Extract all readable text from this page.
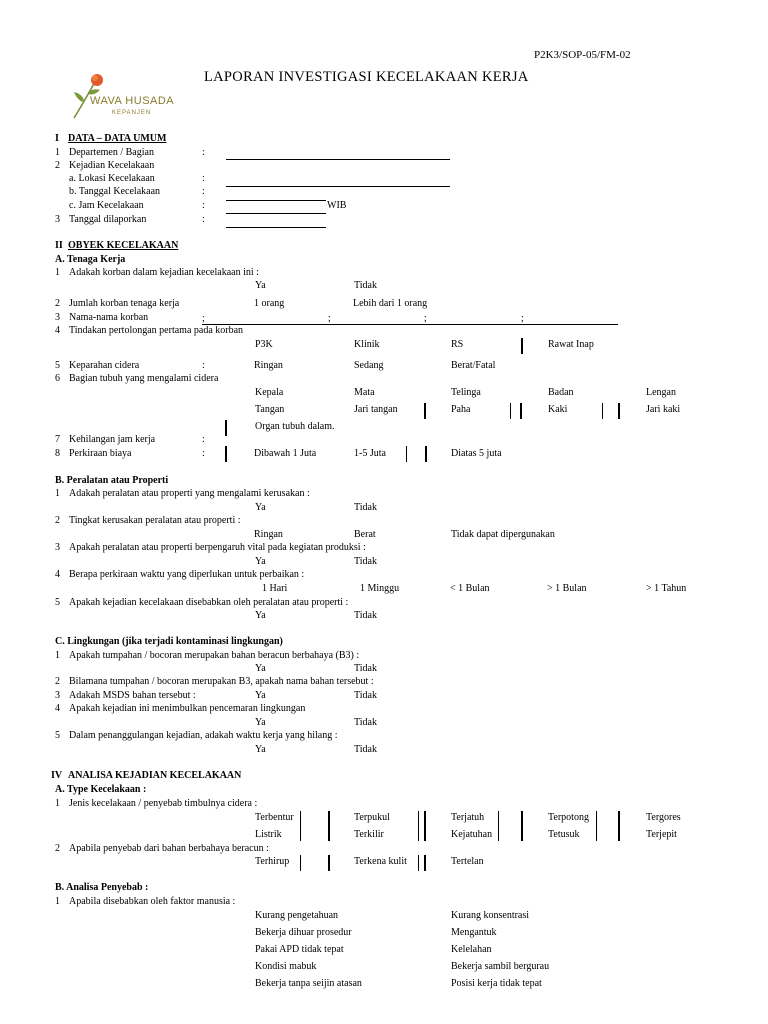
P2K3/SOP-05/FM-02
LAPORAN INVESTIGASI KECELAKAAN KERJA
WAVA HUSADA
KEPANJEN
I DATA – DATA UMUM
1 Departemen / Bagian	:
2 Kejadian Kecelakaan
a. Lokasi Kecelakaan	:
b. Tanggal Kecelakaan	:
c. Jam Kecelakaan	:	WIB
3 Tanggal dilaporkan	:
II OBYEK KECELAKAAN
A. Tenaga Kerja
1 Adakah korban dalam kejadian kecelakaan ini :
Ya	Tidak
2 Jumlah korban tenaga kerja	1 orang	Lebih dari 1 orang
3 Nama-nama korban	;	;	;	;
4 Tindakan pertolongan pertama pada korban
P3K	Klinik	RS	Rawat Inap
5 Keparahan cidera	:	Ringan	Sedang	Berat/Fatal
6 Bagian tubuh yang mengalami cidera
Kepala	Mata	Telinga	Badan	Lengan
Tangan	Jari tangan	Paha	Kaki	Jari kaki
Organ tubuh dalam.
7 Kehilangan jam kerja	:
8 Perkiraan biaya	:	Dibawah 1 Juta	1-5 Juta	Diatas 5 juta
B. Peralatan atau Properti
1 Adakah peralatan atau properti yang mengalami kerusakan :
Ya	Tidak
2 Tingkat kerusakan peralatan atau properti :
Ringan	Berat	Tidak dapat dipergunakan
3 Apakah peralatan atau properti berpengaruh vital pada kegiatan produksi :
Ya	Tidak
4 Berapa perkiraan waktu yang diperlukan untuk perbaikan :
1 Hari	1 Minggu	< 1 Bulan	> 1 Bulan	> 1 Tahun
5 Apakah kejadian kecelakaan disebabkan oleh peralatan atau properti :
Ya	Tidak
C. Lingkungan (jika terjadi kontaminasi lingkungan)
1 Apakah tumpahan / bocoran merupakan bahan beracun berbahaya (B3) :
Ya	Tidak
2 Bilamana tumpahan / bocoran merupakan B3, apakah nama bahan tersebut :
3 Adakah MSDS bahan tersebut :	Ya	Tidak
4 Apakah kejadian ini menimbulkan pencemaran lingkungan
Ya	Tidak
5 Dalam penanggulangan kejadian, adakah waktu kerja yang hilang :
Ya	Tidak
IV ANALISA KEJADIAN KECELAKAAN
A. Type Kecelakaan :
1 Jenis kecelakaan / penyebab timbulnya cidera :
Terbentur	Terpukul	Terjatuh	Terpotong	Tergores
Listrik	Terkilir	Kejatuhan	Tetusuk	Terjepit
2 Apabila penyebab dari bahan berbahaya beracun :
Terhirup	Terkena kulit	Tertelan
B. Analisa Penyebab :
1 Apabila disebabkan oleh faktor manusia :
Kurang pengetahuan	Kurang konsentrasi
Bekerja dihuar prosedur	Mengantuk
Pakai APD tidak tepat	Kelelahan
Kondisi mabuk	Bekerja sambil bergurau
Bekerja tanpa seijin atasan	Posisi kerja tidak tepat
